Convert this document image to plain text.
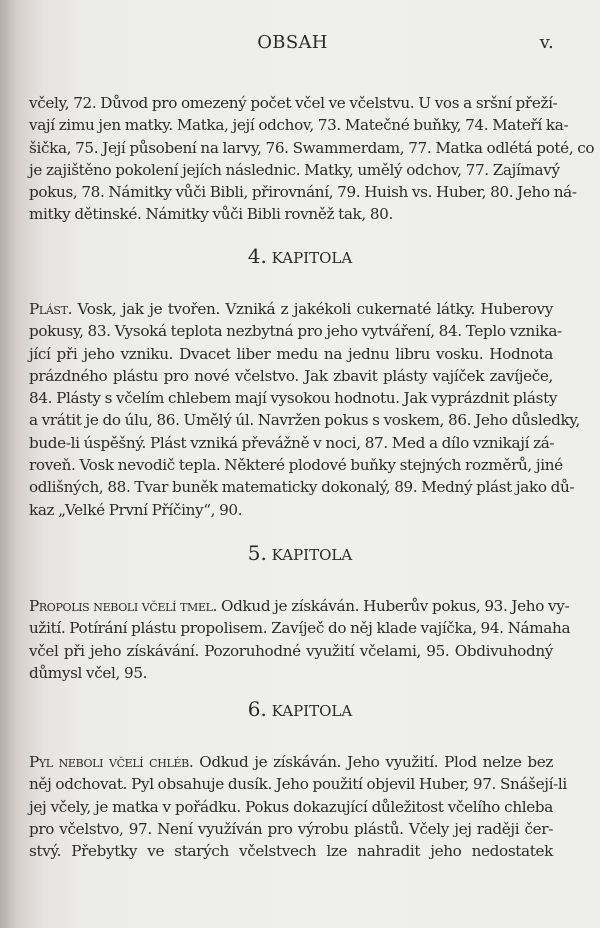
OBSAH	v.
včely, 72. Důvod pro omezený počet včel ve včelstvu. U vos a sršní přeží-
vají zimu jen matky. Matka, její odchov, 73. Matečné buňky, 74. Mateří ka-
šička, 75. Její působení na larvy, 76. Swammerdam, 77. Matka odlétá poté, co
je zajištěno pokolení jejích následnic. Matky, umělý odchov, 77. Zajímavý
pokus, 78. Námitky vůči Bibli, přirovnání, 79. Huish vs. Huber, 80. Jeho ná-
mitky dětinské. Námitky vůči Bibli rovněž tak, 80.
4. KAPITOLA
Plást. Vosk, jak je tvořen. Vzniká z jakékoli cukernaté látky. Huberovy
pokusy, 83. Vysoká teplota nezbytná pro jeho vytváření, 84. Teplo vznika-
jící při jeho vzniku. Dvacet liber medu na jednu libru vosku. Hodnota
prázdného plástu pro nové včelstvo. Jak zbavit plásty vajíček zavíječe,
84. Plásty s včelím chlebem mají vysokou hodnotu. Jak vyprázdnit plásty
a vrátit je do úlu, 86. Umělý úl. Navržen pokus s voskem, 86. Jeho důsledky,
bude-li úspěšný. Plást vzniká převážně v noci, 87. Med a dílo vznikají zá-
roveň. Vosk nevodič tepla. Některé plodové buňky stejných rozměrů, jiné
odlišných, 88. Tvar buněk matematicky dokonalý, 89. Medný plást jako dů-
kaz „Velké První Příčiny“, 90.
5. KAPITOLA
Propolis neboli včelí tmel. Odkud je získáván. Huberův pokus, 93. Jeho vy-
užití. Potírání plástu propolisem. Zavíječ do něj klade vajíčka, 94. Námaha
včel při jeho získávání. Pozoruhodné využití včelami, 95. Obdivuhodný
důmysl včel, 95.
6. KAPITOLA
Pyl neboli včelí chléb. Odkud je získáván. Jeho využití. Plod nelze bez
něj odchovat. Pyl obsahuje dusík. Jeho použití objevil Huber, 97. Snášejí-li
jej včely, je matka v pořádku. Pokus dokazující důležitost včelího chleba
pro včelstvo, 97. Není využíván pro výrobu plástů. Včely jej raději čer-
stvý. Přebytky ve starých včelstvech lze nahradit jeho nedostatek
